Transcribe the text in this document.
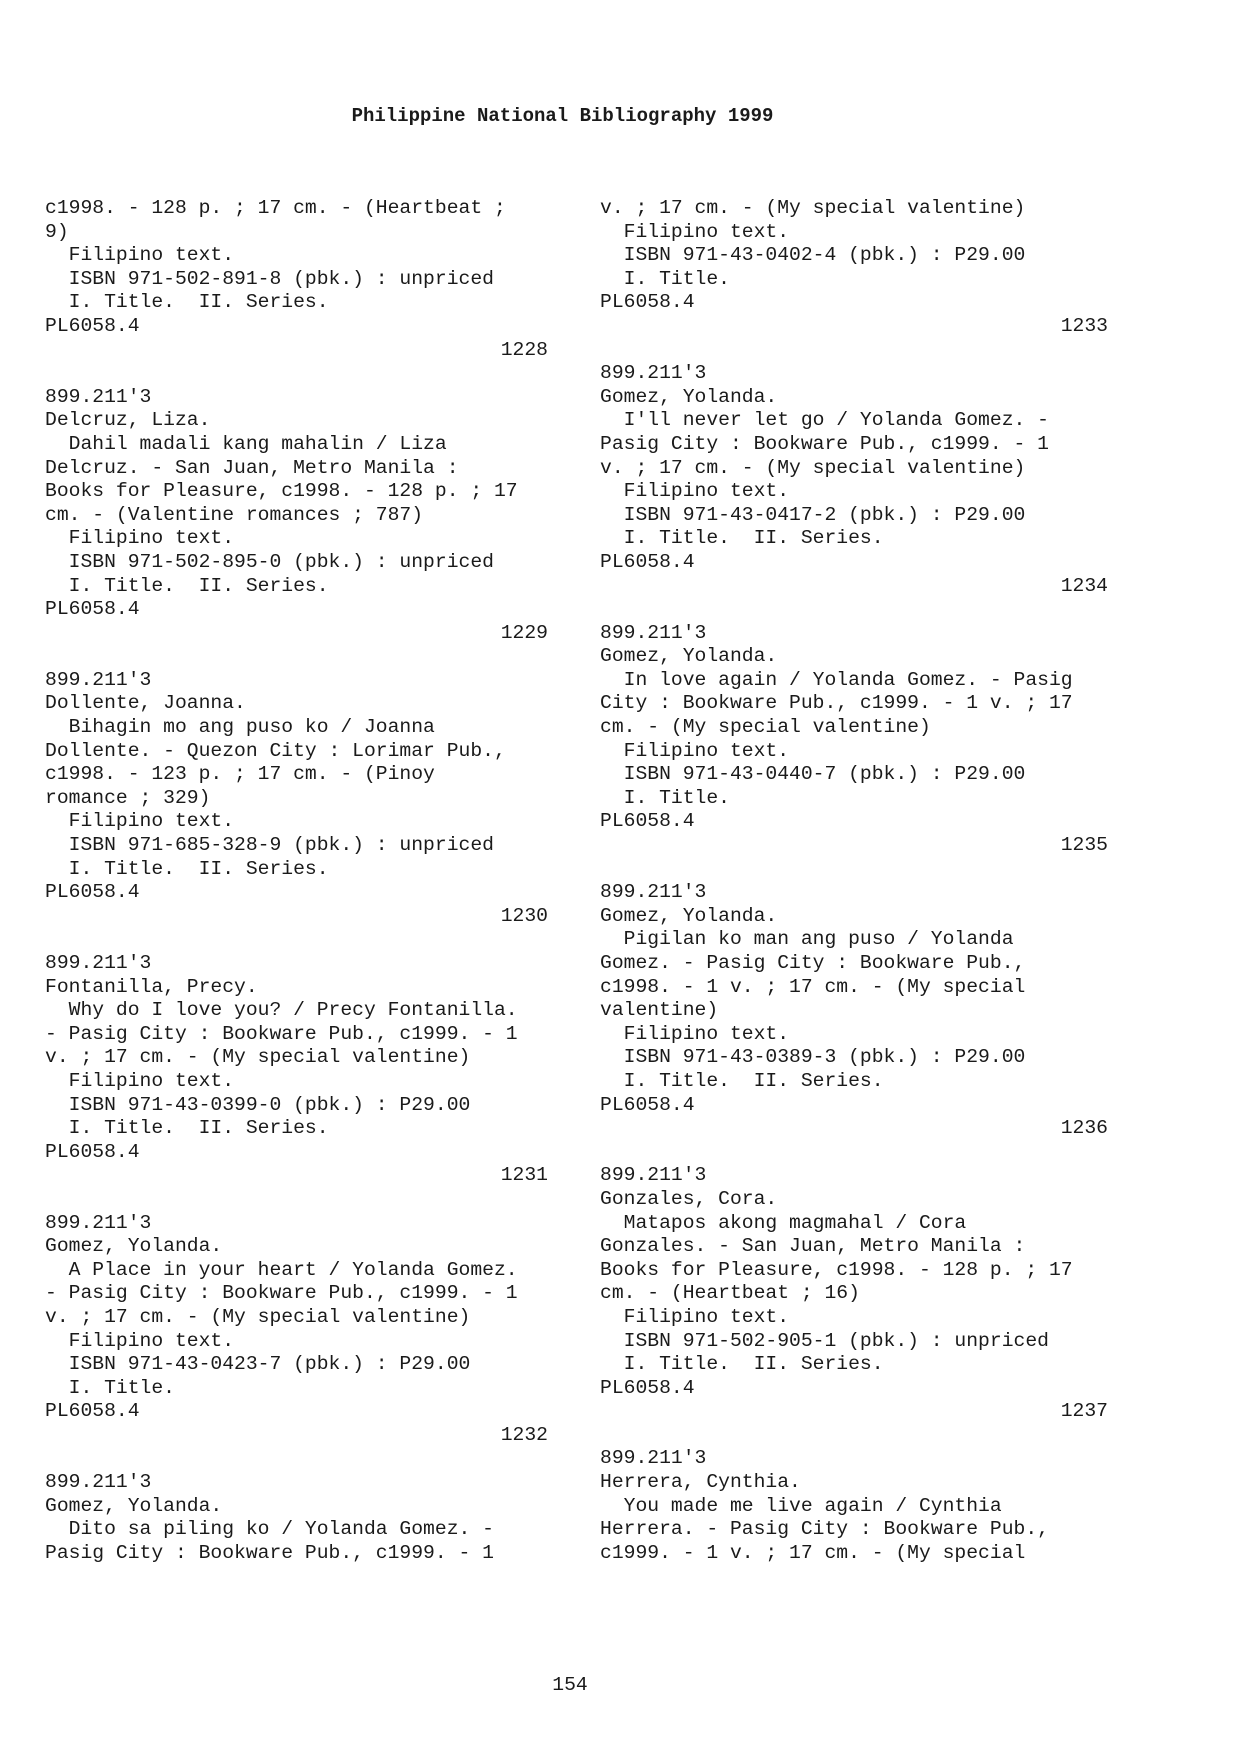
Philippine National Bibliography 1999
c1998. - 128 p. ; 17 cm. - (Heartbeat ;
9)
Filipino text.
ISBN 971-502-891-8 (pbk.) : unpriced
I. Title.  II. Series.
PL6058.4
1228
899.211'3
Delcruz, Liza.
Dahil madali kang mahalin / Liza
Delcruz. - San Juan, Metro Manila :
Books for Pleasure, c1998. - 128 p. ; 17
cm. - (Valentine romances ; 787)
Filipino text.
ISBN 971-502-895-0 (pbk.) : unpriced
I. Title.  II. Series.
PL6058.4
1229
899.211'3
Dollente, Joanna.
Bihagin mo ang puso ko / Joanna
Dollente. - Quezon City : Lorimar Pub.,
c1998. - 123 p. ; 17 cm. - (Pinoy
romance ; 329)
Filipino text.
ISBN 971-685-328-9 (pbk.) : unpriced
I. Title.  II. Series.
PL6058.4
1230
899.211'3
Fontanilla, Precy.
Why do I love you? / Precy Fontanilla.
- Pasig City : Bookware Pub., c1999. - 1
v. ; 17 cm. - (My special valentine)
Filipino text.
ISBN 971-43-0399-0 (pbk.) : P29.00
I. Title.  II. Series.
PL6058.4
1231
899.211'3
Gomez, Yolanda.
A Place in your heart / Yolanda Gomez.
- Pasig City : Bookware Pub., c1999. - 1
v. ; 17 cm. - (My special valentine)
Filipino text.
ISBN 971-43-0423-7 (pbk.) : P29.00
I. Title.
PL6058.4
1232
899.211'3
Gomez, Yolanda.
Dito sa piling ko / Yolanda Gomez. -
Pasig City : Bookware Pub., c1999. - 1
v. ; 17 cm. - (My special valentine)
Filipino text.
ISBN 971-43-0402-4 (pbk.) : P29.00
I. Title.
PL6058.4
1233
899.211'3
Gomez, Yolanda.
I'll never let go / Yolanda Gomez. -
Pasig City : Bookware Pub., c1999. - 1
v. ; 17 cm. - (My special valentine)
Filipino text.
ISBN 971-43-0417-2 (pbk.) : P29.00
I. Title.  II. Series.
PL6058.4
1234
899.211'3
Gomez, Yolanda.
In love again / Yolanda Gomez. - Pasig
City : Bookware Pub., c1999. - 1 v. ; 17
cm. - (My special valentine)
Filipino text.
ISBN 971-43-0440-7 (pbk.) : P29.00
I. Title.
PL6058.4
1235
899.211'3
Gomez, Yolanda.
Pigilan ko man ang puso / Yolanda
Gomez. - Pasig City : Bookware Pub.,
c1998. - 1 v. ; 17 cm. - (My special
valentine)
Filipino text.
ISBN 971-43-0389-3 (pbk.) : P29.00
I. Title.  II. Series.
PL6058.4
1236
899.211'3
Gonzales, Cora.
Matapos akong magmahal / Cora
Gonzales. - San Juan, Metro Manila :
Books for Pleasure, c1998. - 128 p. ; 17
cm. - (Heartbeat ; 16)
Filipino text.
ISBN 971-502-905-1 (pbk.) : unpriced
I. Title.  II. Series.
PL6058.4
1237
899.211'3
Herrera, Cynthia.
You made me live again / Cynthia
Herrera. - Pasig City : Bookware Pub.,
c1999. - 1 v. ; 17 cm. - (My special
154
